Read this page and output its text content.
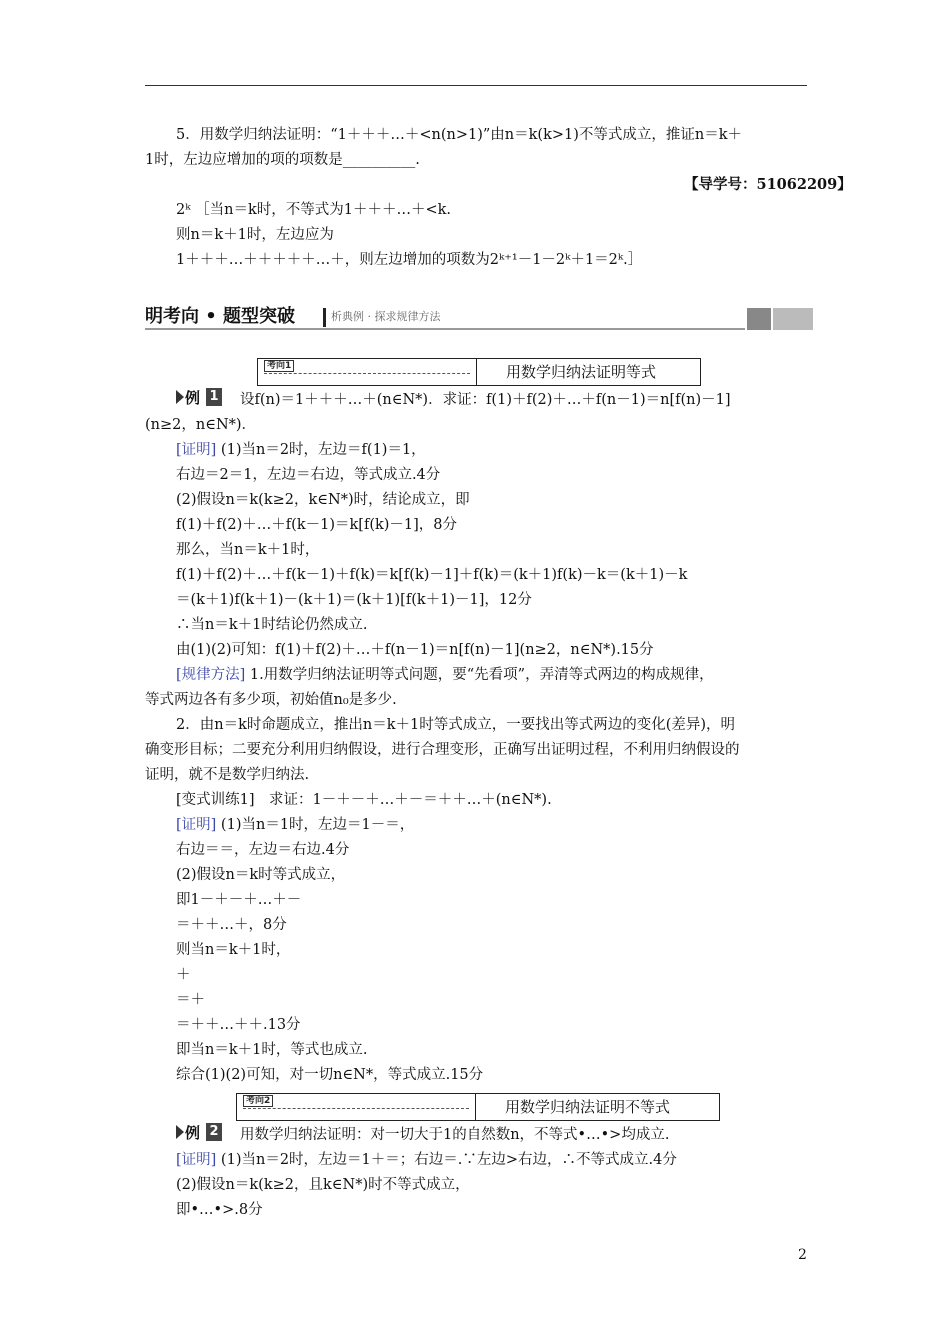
5．用数学归纳法证明：“1＋＋＋…＋<n(n>1)”由n＝k(k>1)不等式成立，推证n＝k＋
1时，左边应增加的项的项数是__________.
【导学号：51062209】
2ᵏ ［当n＝k时，不等式为1＋＋＋…＋<k.
则n＝k＋1时，左边应为
1＋＋＋…＋＋＋＋＋…＋，则左边增加的项数为2ᵏ⁺¹－1－2ᵏ＋1＝2ᵏ.］
明考向 • 题型突破	析典例 · 探求规律方法
考向1	用数学归纳法证明等式
例 1 设f(n)＝1＋＋＋…＋(n∈N*)．求证：f(1)＋f(2)＋…＋f(n－1)＝n[f(n)－1]
(n≥2，n∈N*)．
[证明] (1)当n＝2时，左边＝f(1)＝1，
右边＝2＝1，左边＝右边，等式成立.4分
(2)假设n＝k(k≥2，k∈N*)时，结论成立，即
f(1)＋f(2)＋…＋f(k－1)＝k[f(k)－1]，8分
那么，当n＝k＋1时，
f(1)＋f(2)＋…＋f(k－1)＋f(k)＝k[f(k)－1]＋f(k)＝(k＋1)f(k)－k＝(k＋1)－k
＝(k＋1)f(k＋1)－(k＋1)＝(k＋1)[f(k＋1)－1]，12分
∴当n＝k＋1时结论仍然成立.
由(1)(2)可知：f(1)＋f(2)＋…＋f(n－1)＝n[f(n)－1](n≥2，n∈N*).15分
[规律方法] 1.用数学归纳法证明等式问题，要“先看项”，弄清等式两边的构成规律，
等式两边各有多少项，初始值n₀是多少.
2．由n＝k时命题成立，推出n＝k＋1时等式成立，一要找出等式两边的变化(差异)，明
确变形目标；二要充分利用归纳假设，进行合理变形，正确写出证明过程，不利用归纳假设的
证明，就不是数学归纳法.
[变式训练1]　求证：1－＋－＋…＋－＝＋＋…＋(n∈N*).
[证明] (1)当n＝1时，左边＝1－＝，
右边＝＝，左边＝右边.4分
(2)假设n＝k时等式成立，
即1－＋－＋…＋－
＝＋＋…＋，8分
则当n＝k＋1时，
＋
＝＋
＝＋＋…＋＋.13分
即当n＝k＋1时，等式也成立.
综合(1)(2)可知，对一切n∈N*，等式成立.15分
考向2	用数学归纳法证明不等式
例 2 用数学归纳法证明：对一切大于1的自然数n，不等式•…•>均成立.
[证明] (1)当n＝2时，左边＝1＋＝；右边＝.∵左边>右边，∴不等式成立.4分
(2)假设n＝k(k≥2，且k∈N*)时不等式成立，
即•…•>.8分
2
